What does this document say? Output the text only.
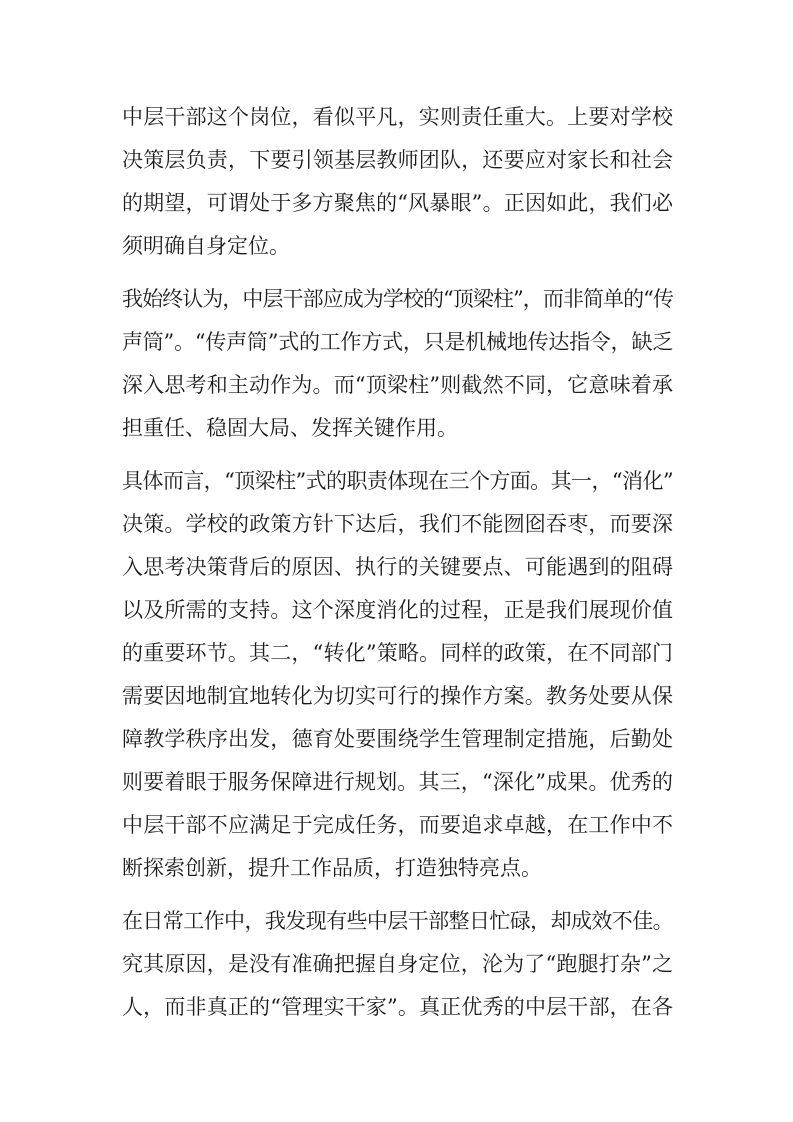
中层干部这个岗位，看似平凡，实则责任重大。上要对学校
决策层负责，下要引领基层教师团队，还要应对家长和社会
的期望，可谓处于多方聚焦的“风暴眼”。正因如此，我们必
须明确自身定位。
我始终认为，中层干部应成为学校的“顶梁柱”，而非简单的“传
声筒”。“传声筒”式的工作方式，只是机械地传达指令，缺乏
深入思考和主动作为。而“顶梁柱”则截然不同，它意味着承
担重任、稳固大局、发挥关键作用。
具体而言，“顶梁柱”式的职责体现在三个方面。其一，“消化”
决策。学校的政策方针下达后，我们不能囫囵吞枣，而要深
入思考决策背后的原因、执行的关键要点、可能遇到的阻碍
以及所需的支持。这个深度消化的过程，正是我们展现价值
的重要环节。其二，“转化”策略。同样的政策，在不同部门
需要因地制宜地转化为切实可行的操作方案。教务处要从保
障教学秩序出发，德育处要围绕学生管理制定措施，后勤处
则要着眼于服务保障进行规划。其三，“深化”成果。优秀的
中层干部不应满足于完成任务，而要追求卓越，在工作中不
断探索创新，提升工作品质，打造独特亮点。
在日常工作中，我发现有些中层干部整日忙碌，却成效不佳。
究其原因，是没有准确把握自身定位，沦为了“跑腿打杂”之
人，而非真正的“管理实干家”。真正优秀的中层干部，在各
